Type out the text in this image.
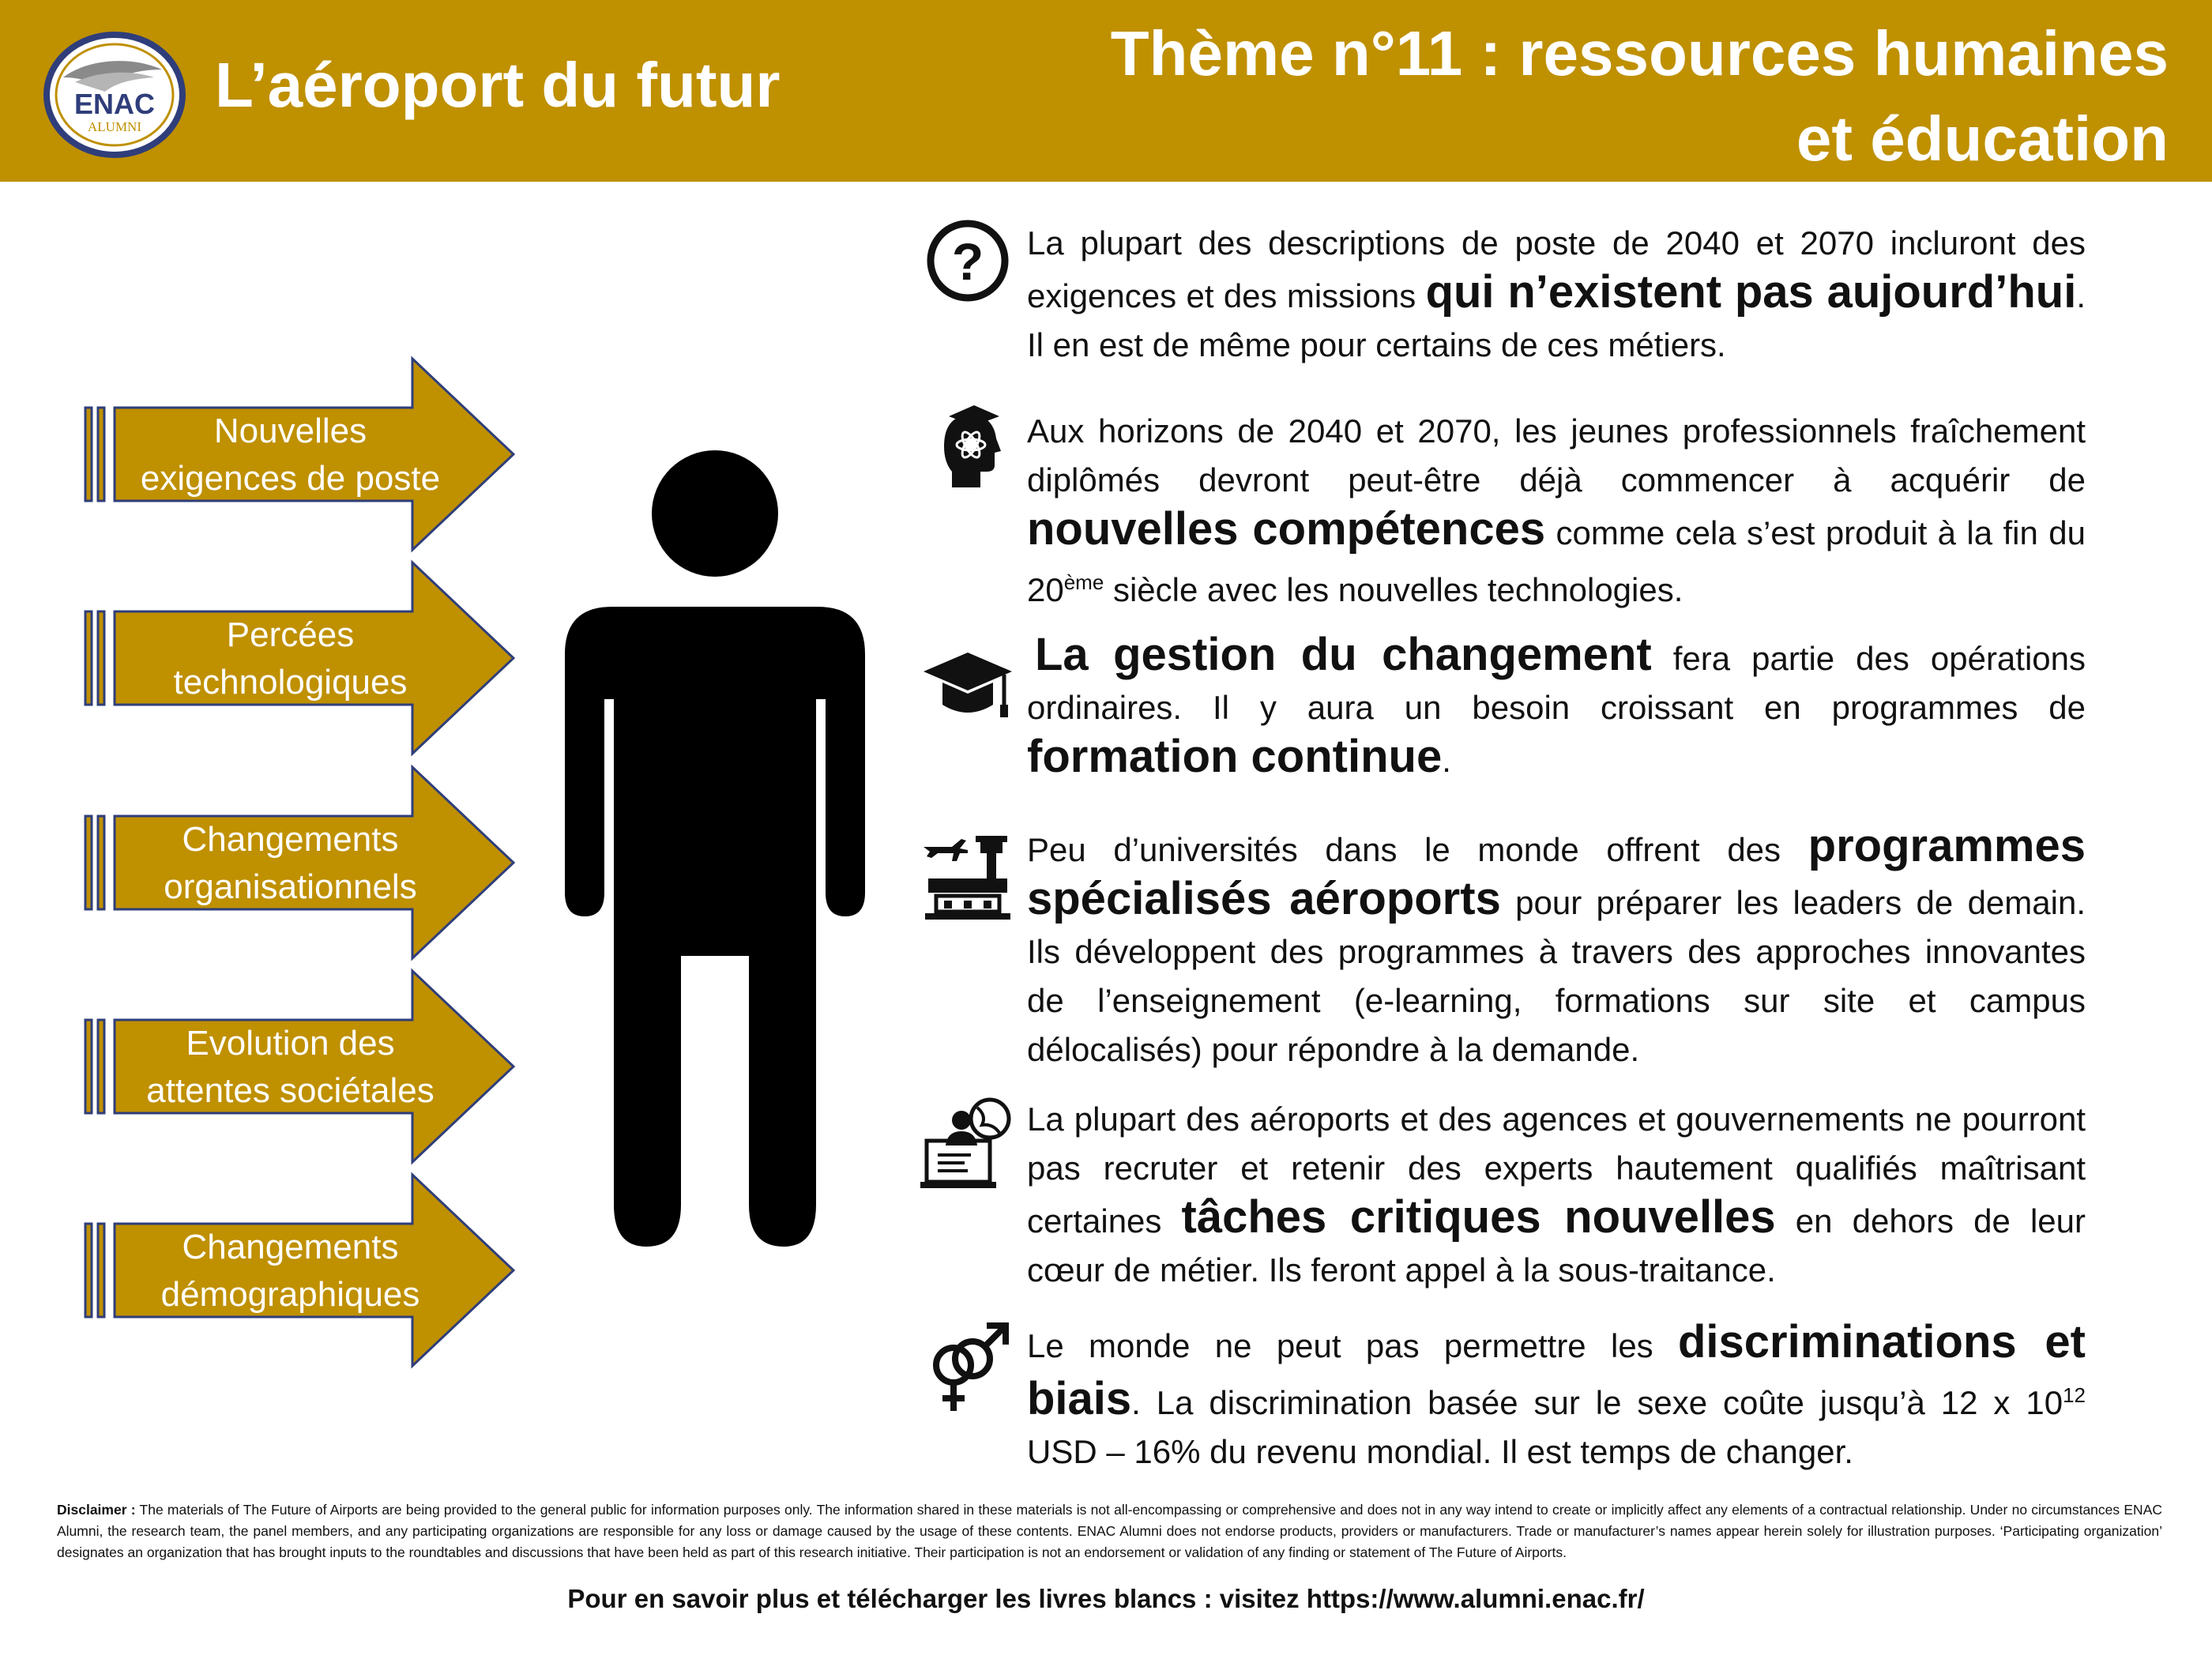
ENAC
ALUMNI
L’aéroport du futur	Thème n°11 : ressources humaines et éducation
Nouvelles
exigences de poste
Percées
technologiques
Changements
organisationnels
Evolution des
attentes sociétales
Changements
démographiques
? La plupart des descriptions de poste de 2040 et 2070 incluront des exigences et des missions qui n’existent pas aujourd’hui. Il en est de même pour certains de ces métiers.
Aux horizons de 2040 et 2070, les jeunes professionnels fraîchement diplômés devront peut-être déjà commencer à acquérir de nouvelles compétences comme cela s’est produit à la fin du 20ème siècle avec les nouvelles technologies.
La gestion du changement fera partie des opérations ordinaires. Il y aura un besoin croissant en programmes de formation continue.
Peu d’universités dans le monde offrent des programmes spécialisés aéroports pour préparer les leaders de demain. Ils développent des programmes à travers des approches innovantes de l’enseignement (e-learning, formations sur site et campus délocalisés) pour répondre à la demande.
La plupart des aéroports et des agences et gouvernements ne pourront pas recruter et retenir des experts hautement qualifiés maîtrisant certaines tâches critiques nouvelles en dehors de leur cœur de métier. Ils feront appel à la sous-traitance.
Le monde ne peut pas permettre les discriminations et biais. La discrimination basée sur le sexe coûte jusqu’à 12 x $10^{12}$ USD – 16% du revenu mondial. Il est temps de changer.
Disclaimer : The materials of The Future of Airports are being provided to the general public for information purposes only. The information shared in these materials is not all-encompassing or comprehensive and does not in any way intend to create or implicitly affect any elements of a contractual relationship. Under no circumstances ENAC Alumni, the research team, the panel members, and any participating organizations are responsible for any loss or damage caused by the usage of these contents. ENAC Alumni does not endorse products, providers or manufacturers. Trade or manufacturer’s names appear herein solely for illustration purposes. ‘Participating organization’ designates an organization that has brought inputs to the roundtables and discussions that have been held as part of this research initiative. Their participation is not an endorsement or validation of any finding or statement of The Future of Airports.
Pour en savoir plus et télécharger les livres blancs : visitez https://www.alumni.enac.fr/
